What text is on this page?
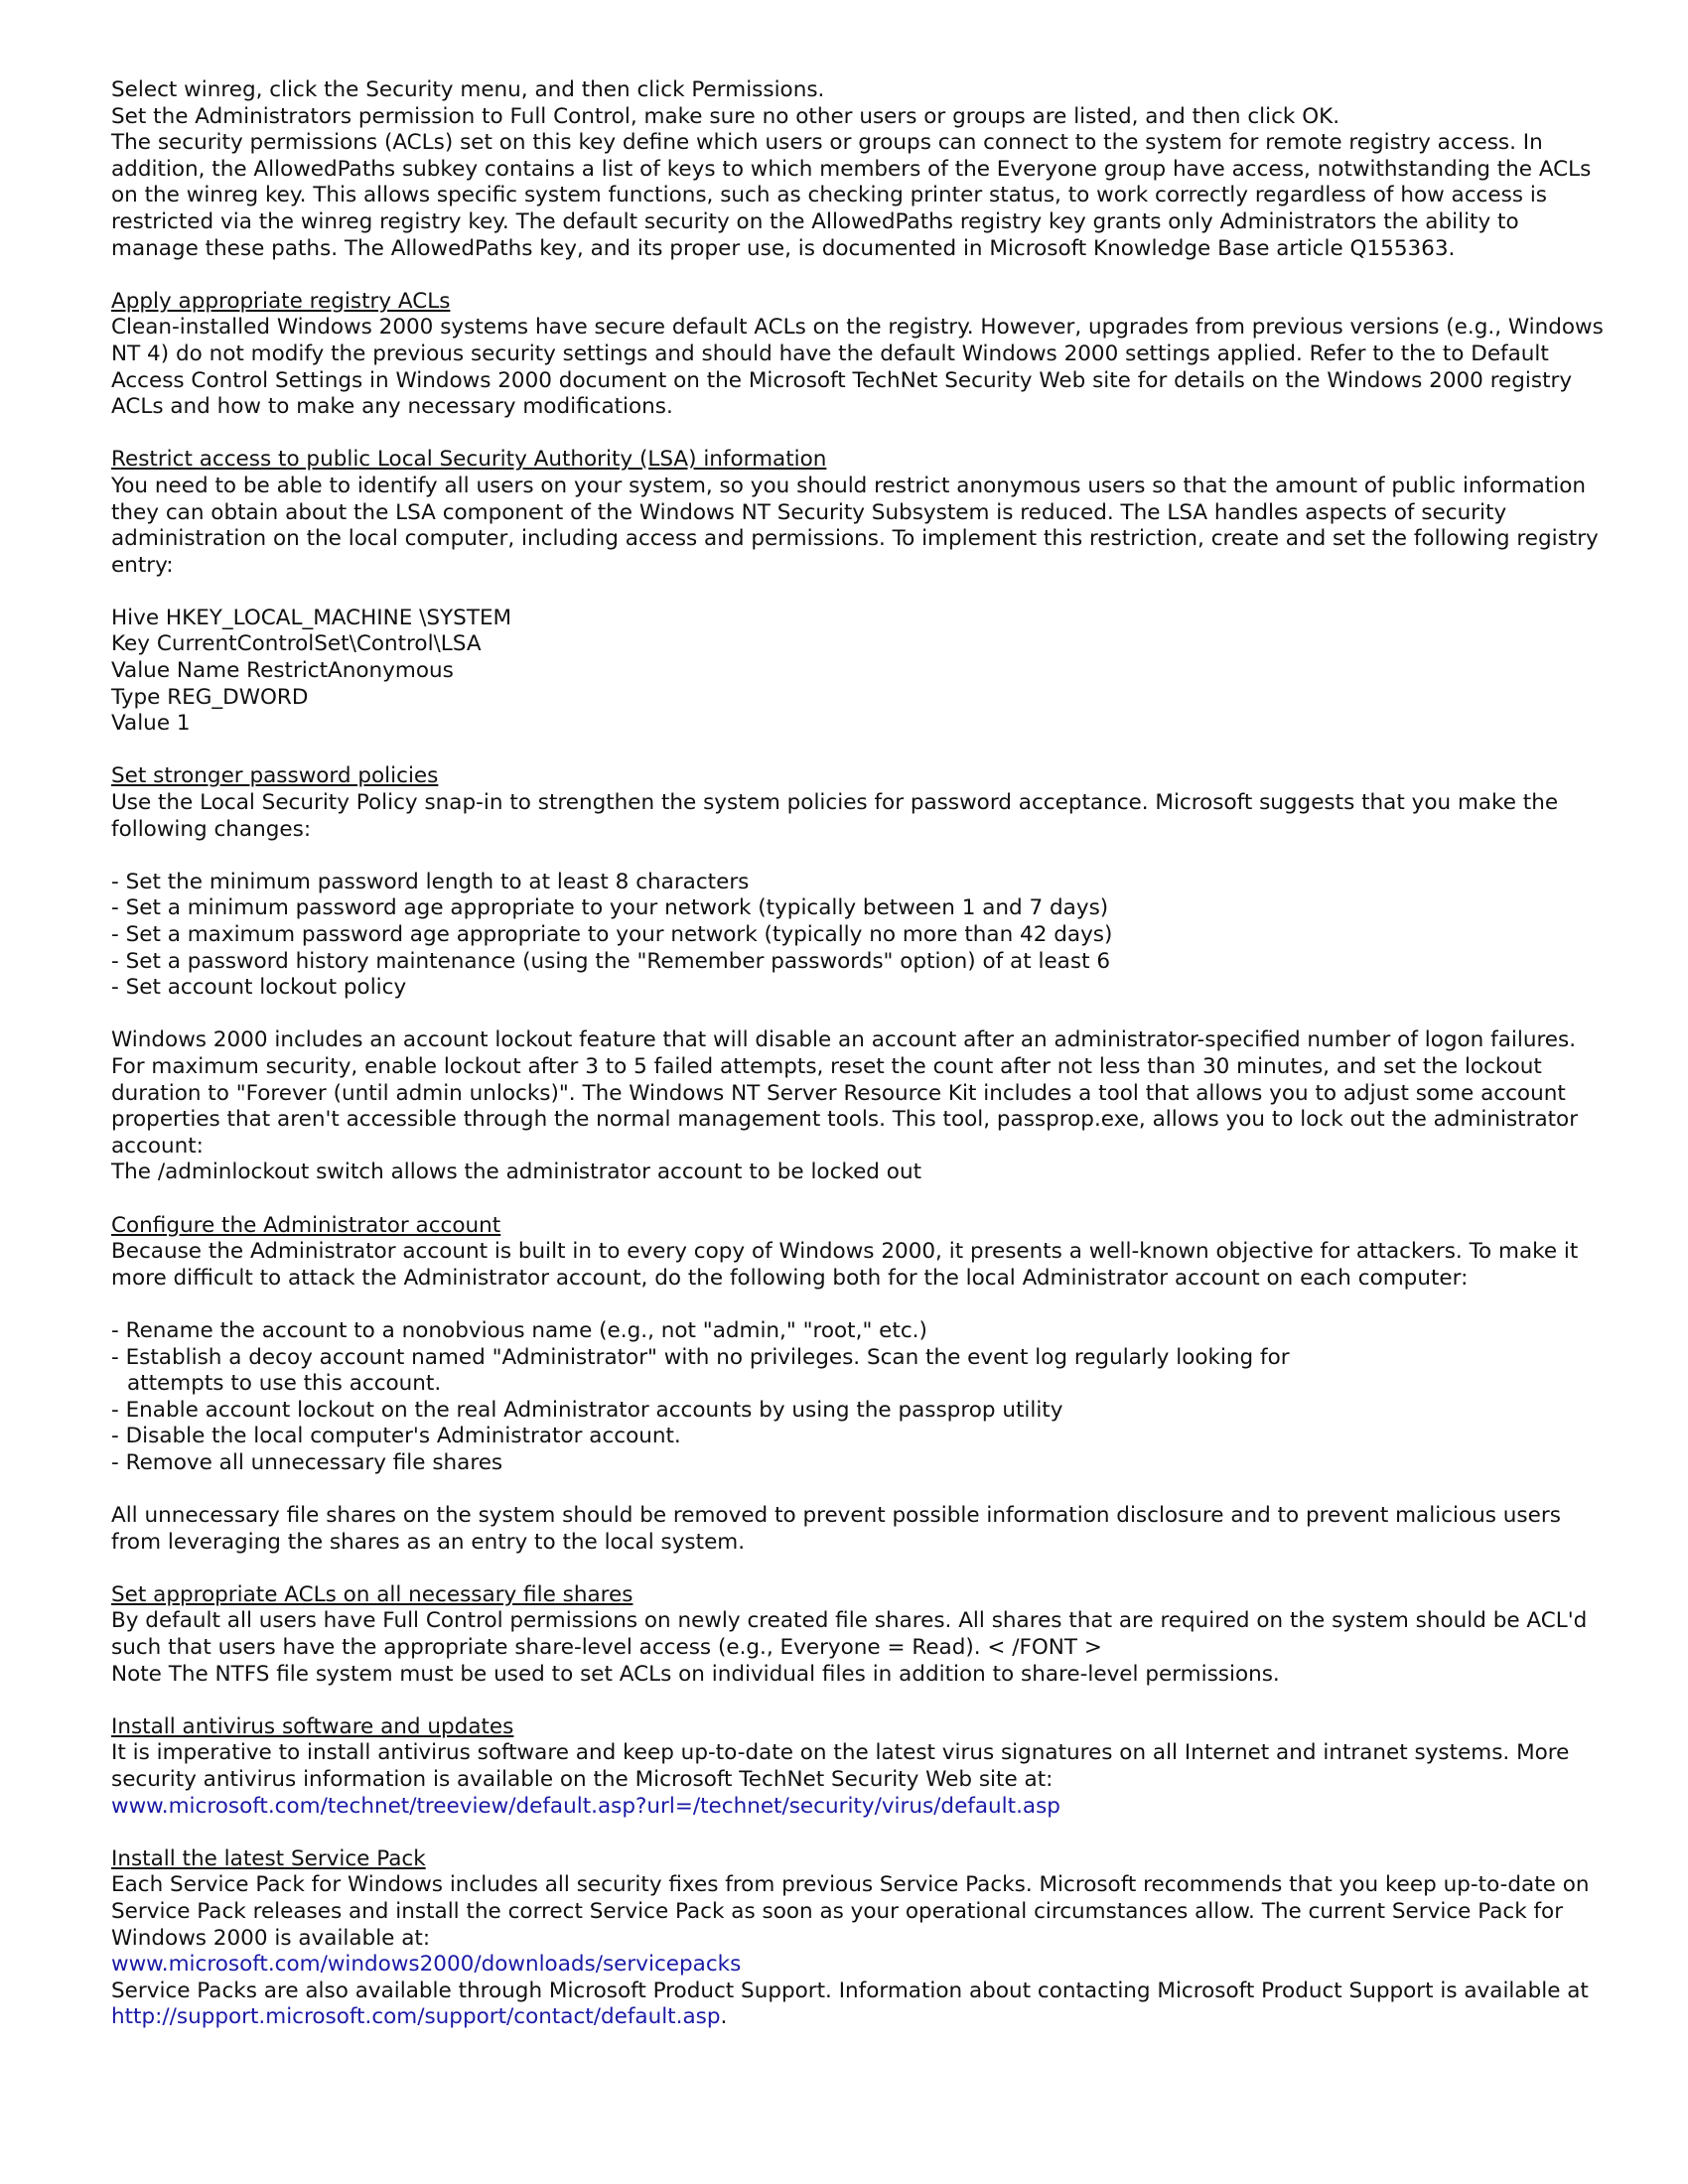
Select winreg, click the Security menu, and then click Permissions.

Set the Administrators permission to Full Control, make sure no other users or groups are listed, and then click OK.

The security permissions (ACLs) set on this key define which users or groups can connect to the system for remote registry access. In addition, the AllowedPaths subkey contains a list of keys to which members of the Everyone group have access, notwithstanding the ACLs on the winreg key. This allows specific system functions, such as checking printer status, to work correctly regardless of how access is restricted via the winreg registry key. The default security on the AllowedPaths registry key grants only Administrators the ability to manage these paths. The AllowedPaths key, and its proper use, is documented in Microsoft Knowledge Base article Q155363.

Apply appropriate registry ACLs

Clean-installed Windows 2000 systems have secure default ACLs on the registry. However, upgrades from previous versions (e.g., Windows NT 4) do not modify the previous security settings and should have the default Windows 2000 settings applied. Refer to the to Default Access Control Settings in Windows 2000 document on the Microsoft TechNet Security Web site for details on the Windows 2000 registry ACLs and how to make any necessary modifications.

Restrict access to public Local Security Authority (LSA) information

You need to be able to identify all users on your system, so you should restrict anonymous users so that the amount of public information they can obtain about the LSA component of the Windows NT Security Subsystem is reduced. The LSA handles aspects of security administration on the local computer, including access and permissions. To implement this restriction, create and set the following registry entry:

Hive HKEY_LOCAL_MACHINE \SYSTEM

Key CurrentControlSet\Control\LSA

Value Name RestrictAnonymous

Type REG_DWORD

Value 1

Set stronger password policies

Use the Local Security Policy snap-in to strengthen the system policies for password acceptance. Microsoft suggests that you make the following changes:

- Set the minimum password length to at least 8 characters

- Set a minimum password age appropriate to your network (typically between 1 and 7 days)

- Set a maximum password age appropriate to your network (typically no more than 42 days)

- Set a password history maintenance (using the "Remember passwords" option) of at least 6

- Set account lockout policy

Windows 2000 includes an account lockout feature that will disable an account after an administrator-specified number of logon failures. For maximum security, enable lockout after 3 to 5 failed attempts, reset the count after not less than 30 minutes, and set the lockout duration to "Forever (until admin unlocks)". The Windows NT Server Resource Kit includes a tool that allows you to adjust some account properties that aren't accessible through the normal management tools. This tool, passprop.exe, allows you to lock out the administrator account:

The /adminlockout switch allows the administrator account to be locked out

Configure the Administrator account

Because the Administrator account is built in to every copy of Windows 2000, it presents a well-known objective for attackers. To make it more difficult to attack the Administrator account, do the following both for the local Administrator account on each computer:

- Rename the account to a nonobvious name (e.g., not "admin," "root," etc.)

- Establish a decoy account named "Administrator" with no privileges. Scan the event log regularly looking for

attempts to use this account.

- Enable account lockout on the real Administrator accounts by using the passprop utility

- Disable the local computer's Administrator account.

- Remove all unnecessary file shares

All unnecessary file shares on the system should be removed to prevent possible information disclosure and to prevent malicious users from leveraging the shares as an entry to the local system.

Set appropriate ACLs on all necessary file shares

By default all users have Full Control permissions on newly created file shares. All shares that are required on the system should be ACL'd such that users have the appropriate share-level access (e.g., Everyone = Read). < /FONT >

Note The NTFS file system must be used to set ACLs on individual files in addition to share-level permissions.

Install antivirus software and updates

It is imperative to install antivirus software and keep up-to-date on the latest virus signatures on all Internet and intranet systems. More security antivirus information is available on the Microsoft TechNet Security Web site at:

www.microsoft.com/technet/treeview/default.asp?url=/technet/security/virus/default.asp

Install the latest Service Pack

Each Service Pack for Windows includes all security fixes from previous Service Packs. Microsoft recommends that you keep up-to-date on Service Pack releases and install the correct Service Pack as soon as your operational circumstances allow. The current Service Pack for Windows 2000 is available at:

www.microsoft.com/windows2000/downloads/servicepacks

Service Packs are also available through Microsoft Product Support. Information about contacting Microsoft Product Support is available at http://support.microsoft.com/support/contact/default.asp.
